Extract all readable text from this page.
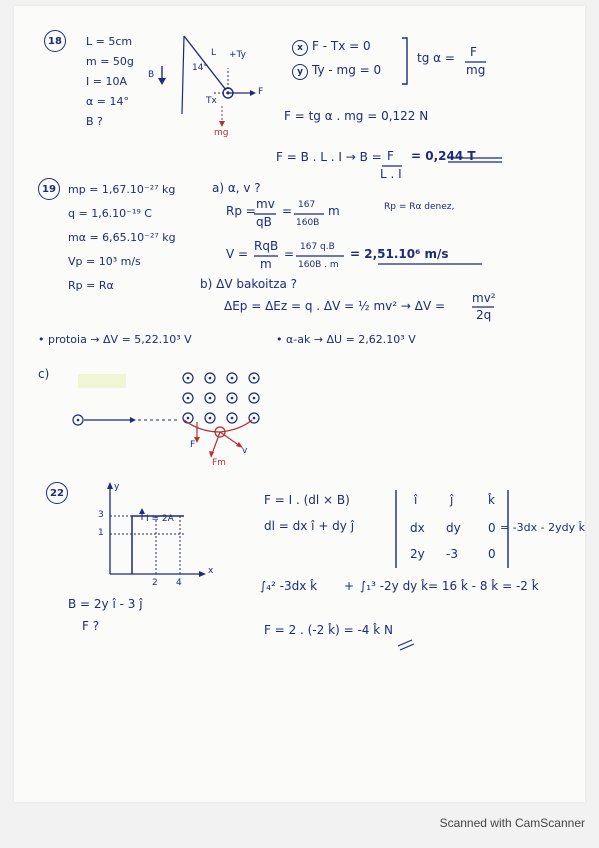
18	L = 5cm
m = 50g
I = 10A
α = 14°
B ?
14°
L +Ty
Tx
F
mg
B
x F - Tx = 0
y Ty - mg = 0
tg α = F
mg
F = tg α . mg = 0,122 N
F = B . L . I → B = F
L . I
= 0,244 T
19	mp = 1,67.10⁻²⁷ kg
q = 1,6.10⁻¹⁹ C
mα = 6,65.10⁻²⁷ kg
Vp = 10³ m/s
Rp = Rα
a) α, v ?
Rp = mv
qB
= 167
160B
m	Rp = Rα denez,
V =
RqB
m
= 167 q.B
160B . m
= 2,51.10⁶ m/s
b) ΔV bakoitza ?
ΔEp = ΔEz = q . ΔV = ½ mv² → ΔV =
mv²
2q
• protoia → ΔV = 5,22.10³ V	• α-ak → ΔU = 2,62.10³ V
c)
F
v
Fm
22
y
x
3
1
2 4
I = 2A
B = 2y î - 3 ĵ
F ?
F = I . (dl × B)
dl = dx î + dy ĵ
î	ĵ	k̂
dx dy 0
2y -3	0
= -3dx - 2ydy k̂
∫₄² -3dx k̂ + ∫₁³ -2y dy k̂ = 16 k̂ - 8 k̂ = -2 k̂
F = 2 . (-2 k̂) = -4 k̂ N
Scanned with CamScanner
